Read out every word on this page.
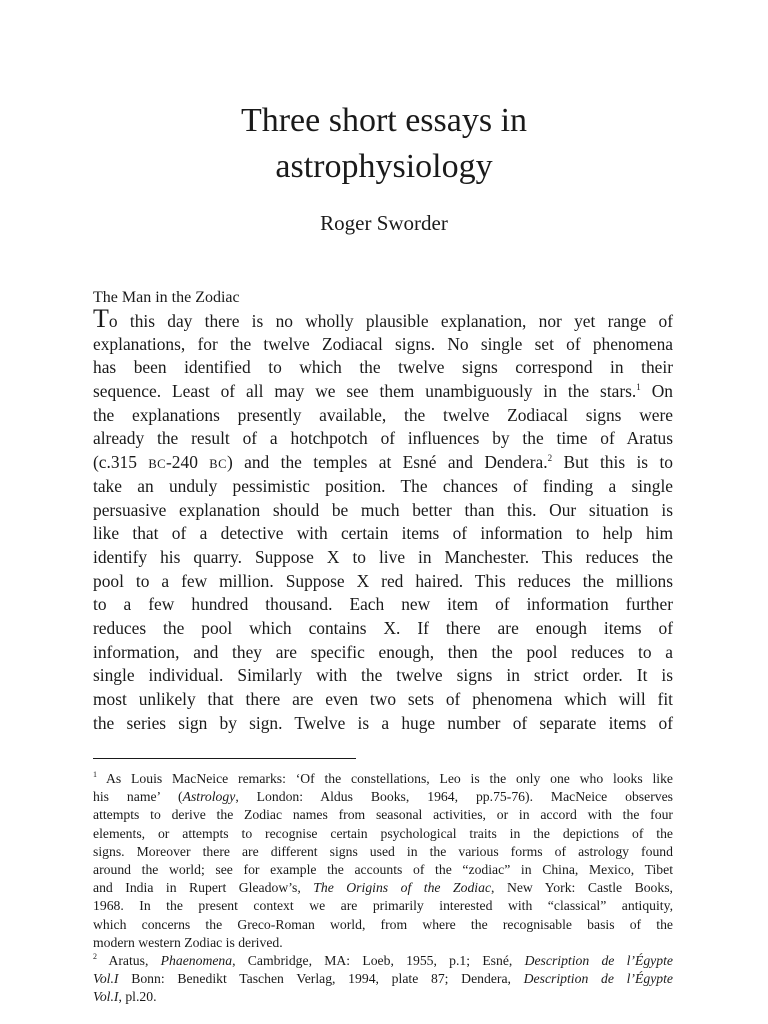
Three short essays in
astrophysiology
Roger Sworder
The Man in the Zodiac
To this day there is no wholly plausible explanation, nor yet range of
explanations, for the twelve Zodiacal signs. No single set of phenomena
has been identified to which the twelve signs correspond in their
sequence. Least of all may we see them unambiguously in the stars.$^1$ On
the explanations presently available, the twelve Zodiacal signs were
already the result of a hotchpotch of influences by the time of Aratus
(c.315 BC-240 BC) and the temples at Esné and Dendera.$^2$ But this is to
take an unduly pessimistic position. The chances of finding a single
persuasive explanation should be much better than this. Our situation is
like that of a detective with certain items of information to help him
identify his quarry. Suppose X to live in Manchester. This reduces the
pool to a few million. Suppose X red haired. This reduces the millions
to a few hundred thousand. Each new item of information further
reduces the pool which contains X. If there are enough items of
information, and they are specific enough, then the pool reduces to a
single individual. Similarly with the twelve signs in strict order. It is
most unlikely that there are even two sets of phenomena which will fit
the series sign by sign. Twelve is a huge number of separate items of
$^1$ As Louis MacNeice remarks: ‘Of the constellations, Leo is the only one who looks like
his name’ (Astrology, London: Aldus Books, 1964, pp.75-76). MacNeice observes
attempts to derive the Zodiac names from seasonal activities, or in accord with the four
elements, or attempts to recognise certain psychological traits in the depictions of the
signs. Moreover there are different signs used in the various forms of astrology found
around the world; see for example the accounts of the “zodiac” in China, Mexico, Tibet
and India in Rupert Gleadow’s, The Origins of the Zodiac, New York: Castle Books,
1968. In the present context we are primarily interested with “classical” antiquity,
which concerns the Greco-Roman world, from where the recognisable basis of the
modern western Zodiac is derived.
$^2$ Aratus, Phaenomena, Cambridge, MA: Loeb, 1955, p.1; Esné, Description de l’Égypte
Vol.I Bonn: Benedikt Taschen Verlag, 1994, plate 87; Dendera, Description de l’Égypte
Vol.I, pl.20.
